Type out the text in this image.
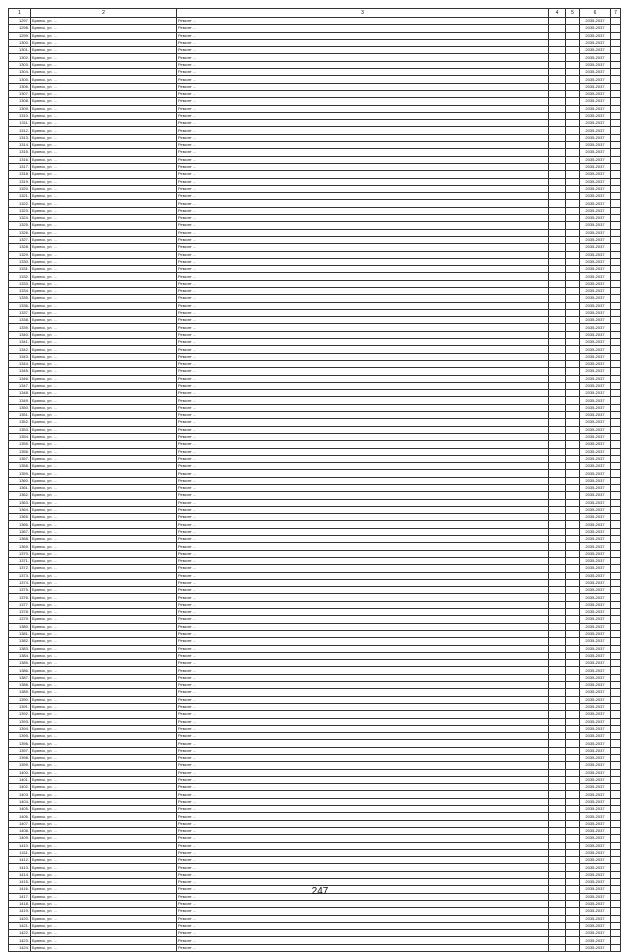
1	2	3	4	5	6	7
1297.	Брянск, ул. ...	Ремонт ...			2035-2037	
1298.	Брянск, ул. ...	Ремонт ...			2035-2037	
1299.	Брянск, ул. ...	Ремонт ...			2035-2037	
1300.	Брянск, ул. ...	Ремонт ...			2035-2037	
1301.	Брянск, ул. ...	Ремонт ...			2035-2037	
1302.	Брянск, ул. ...	Ремонт ...			2035-2037	
1303.	Брянск, ул. ...	Ремонт ...			2035-2037	
1304.	Брянск, ул. ...	Ремонт ...			2035-2037	
1305.	Брянск, ул. ...	Ремонт ...			2035-2037	
1306.	Брянск, ул. ...	Ремонт ...			2035-2037	
1307.	Брянск, ул. ...	Ремонт ...			2035-2037	
1308.	Брянск, ул. ...	Ремонт ...			2035-2037	
1309.	Брянск, ул. ...	Ремонт ...			2035-2037	
1310.	Брянск, ул. ...	Ремонт ...			2035-2037	
1311.	Брянск, ул. ...	Ремонт ...			2035-2037	
1312.	Брянск, ул. ...	Ремонт ...			2035-2037	
1313.	Брянск, ул. ...	Ремонт ...			2035-2037	
1314.	Брянск, ул. ...	Ремонт ...			2035-2037	
1315.	Брянск, ул. ...	Ремонт ...			2035-2037	
1316.	Брянск, ул. ...	Ремонт ...			2035-2037	
1317.	Брянск, ул. ...	Ремонт ...			2035-2037	
1318.	Брянск, ул. ...	Ремонт ...			2035-2037	
1319.	Брянск, ул. ...	Ремонт ...			2035-2037	
1320.	Брянск, ул. ...	Ремонт ...			2035-2037	
1321.	Брянск, ул. ...	Ремонт ...			2035-2037	
1322.	Брянск, ул. ...	Ремонт ...			2035-2037	
1323.	Брянск, ул. ...	Ремонт ...			2035-2037	
1324.	Брянск, ул. ...	Ремонт ...			2035-2037	
1325.	Брянск, ул. ...	Ремонт ...			2035-2037	
1326.	Брянск, ул. ...	Ремонт ...			2035-2037	
1327.	Брянск, ул. ...	Ремонт ...			2035-2037	
1328.	Брянск, ул. ...	Ремонт ...			2035-2037	
1329.	Брянск, ул. ...	Ремонт ...			2035-2037	
1330.	Брянск, ул. ...	Ремонт ...			2035-2037	
1331.	Брянск, ул. ...	Ремонт ...			2035-2037	
1332.	Брянск, ул. ...	Ремонт ...			2035-2037	
1333.	Брянск, ул. ...	Ремонт ...			2035-2037	
1334.	Брянск, ул. ...	Ремонт ...			2035-2037	
1335.	Брянск, ул. ...	Ремонт ...			2035-2037	
1336.	Брянск, ул. ...	Ремонт ...			2035-2037	
1337.	Брянск, ул. ...	Ремонт ...			2035-2037	
1338.	Брянск, ул. ...	Ремонт ...			2035-2037	
1339.	Брянск, ул. ...	Ремонт ...			2035-2037	
1340.	Брянск, ул. ...	Ремонт ...			2035-2037	
1341.	Брянск, ул. ...	Ремонт ...			2035-2037	
1342.	Брянск, ул. ...	Ремонт ...			2035-2037	
1343.	Брянск, ул. ...	Ремонт ...			2035-2037	
1344.	Брянск, ул. ...	Ремонт ...			2035-2037	
1345.	Брянск, ул. ...	Ремонт ...			2035-2037	
1346.	Брянск, ул. ...	Ремонт ...			2035-2037	
1347.	Брянск, ул. ...	Ремонт ...			2035-2037	
1348.	Брянск, ул. ...	Ремонт ...			2035-2037	
1349.	Брянск, ул. ...	Ремонт ...			2035-2037	
1350.	Брянск, ул. ...	Ремонт ...			2035-2037	
1351.	Брянск, ул. ...	Ремонт ...			2035-2037	
1352.	Брянск, ул. ...	Ремонт ...			2035-2037	
1353.	Брянск, ул. ...	Ремонт ...			2035-2037	
1354.	Брянск, ул. ...	Ремонт ...			2035-2037	
1355.	Брянск, ул. ...	Ремонт ...			2035-2037	
1356.	Брянск, ул. ...	Ремонт ...			2035-2037	
1357.	Брянск, ул. ...	Ремонт ...			2035-2037	
1358.	Брянск, ул. ...	Ремонт ...			2035-2037	
1359.	Брянск, ул. ...	Ремонт ...			2035-2037	
1360.	Брянск, ул. ...	Ремонт ...			2035-2037	
1361.	Брянск, ул. ...	Ремонт ...			2035-2037	
1362.	Брянск, ул. ...	Ремонт ...			2035-2037	
1363.	Брянск, ул. ...	Ремонт ...			2035-2037	
1364.	Брянск, ул. ...	Ремонт ...			2035-2037	
1365.	Брянск, ул. ...	Ремонт ...			2035-2037	
1366.	Брянск, ул. ...	Ремонт ...			2035-2037	
1367.	Брянск, ул. ...	Ремонт ...			2035-2037	
1368.	Брянск, ул. ...	Ремонт ...			2035-2037	
1369.	Брянск, ул. ...	Ремонт ...			2035-2037	
1370.	Брянск, ул. ...	Ремонт ...			2035-2037	
1371.	Брянск, ул. ...	Ремонт ...			2035-2037	
1372.	Брянск, ул. ...	Ремонт ...			2035-2037	
1373.	Брянск, ул. ...	Ремонт ...			2035-2037	
1374.	Брянск, ул. ...	Ремонт ...			2035-2037	
1375.	Брянск, ул. ...	Ремонт ...			2035-2037	
1376.	Брянск, ул. ...	Ремонт ...			2035-2037	
1377.	Брянск, ул. ...	Ремонт ...			2035-2037	
1378.	Брянск, ул. ...	Ремонт ...			2035-2037	
1379.	Брянск, ул. ...	Ремонт ...			2035-2037	
1380.	Брянск, ул. ...	Ремонт ...			2035-2037	
1381.	Брянск, ул. ...	Ремонт ...			2035-2037	
1382.	Брянск, ул. ...	Ремонт ...			2035-2037	
1383.	Брянск, ул. ...	Ремонт ...			2035-2037	
1384.	Брянск, ул. ...	Ремонт ...			2035-2037	
1385.	Брянск, ул. ...	Ремонт ...			2035-2037	
1386.	Брянск, ул. ...	Ремонт ...			2035-2037	
1387.	Брянск, ул. ...	Ремонт ...			2035-2037	
1388.	Брянск, ул. ...	Ремонт ...			2035-2037	
1389.	Брянск, ул. ...	Ремонт ...			2035-2037	
1390.	Брянск, ул. ...	Ремонт ...			2035-2037	
1391.	Брянск, ул. ...	Ремонт ...			2035-2037	
1392.	Брянск, ул. ...	Ремонт ...			2035-2037	
1393.	Брянск, ул. ...	Ремонт ...			2035-2037	
1394.	Брянск, ул. ...	Ремонт ...			2035-2037	
1395.	Брянск, ул. ...	Ремонт ...			2035-2037	
1396.	Брянск, ул. ...	Ремонт ...			2035-2037	
1397.	Брянск, ул. ...	Ремонт ...			2035-2037	
1398.	Брянск, ул. ...	Ремонт ...			2035-2037	
1399.	Брянск, ул. ...	Ремонт ...			2035-2037	
1400.	Брянск, ул. ...	Ремонт ...			2035-2037	
1401.	Брянск, ул. ...	Ремонт ...			2035-2037	
1402.	Брянск, ул. ...	Ремонт ...			2035-2037	
1403.	Брянск, ул. ...	Ремонт ...			2035-2037	
1404.	Брянск, ул. ...	Ремонт ...			2035-2037	
1405.	Брянск, ул. ...	Ремонт ...			2035-2037	
1406.	Брянск, ул. ...	Ремонт ...			2035-2037	
1407.	Брянск, ул. ...	Ремонт ...			2035-2037	
1408.	Брянск, ул. ...	Ремонт ...			2035-2037	
1409.	Брянск, ул. ...	Ремонт ...			2035-2037	
1410.	Брянск, ул. ...	Ремонт ...			2035-2037	
1411.	Брянск, ул. ...	Ремонт ...			2035-2037	
1412.	Брянск, ул. ...	Ремонт ...			2035-2037	
1413.	Брянск, ул. ...	Ремонт ...			2035-2037	
1414.	Брянск, ул. ...	Ремонт ...			2035-2037	
1415.	Брянск, ул. ...	Ремонт ...			2035-2037	
1416.	Брянск, ул. ...	Ремонт ...			2035-2037	
1417.	Брянск, ул. ...	Ремонт ...			2035-2037	
1418.	Брянск, ул. ...	Ремонт ...			2035-2037	
1419.	Брянск, ул. ...	Ремонт ...			2035-2037	
1420.	Брянск, ул. ...	Ремонт ...			2035-2037	
1421.	Брянск, ул. ...	Ремонт ...			2035-2037	
1422.	Брянск, ул. ...	Ремонт ...			2035-2037	
1423.	Брянск, ул. ...	Ремонт ...			2035-2037	
1424.	Брянск, ул. ...	Ремонт ...			2035-2037	
247
